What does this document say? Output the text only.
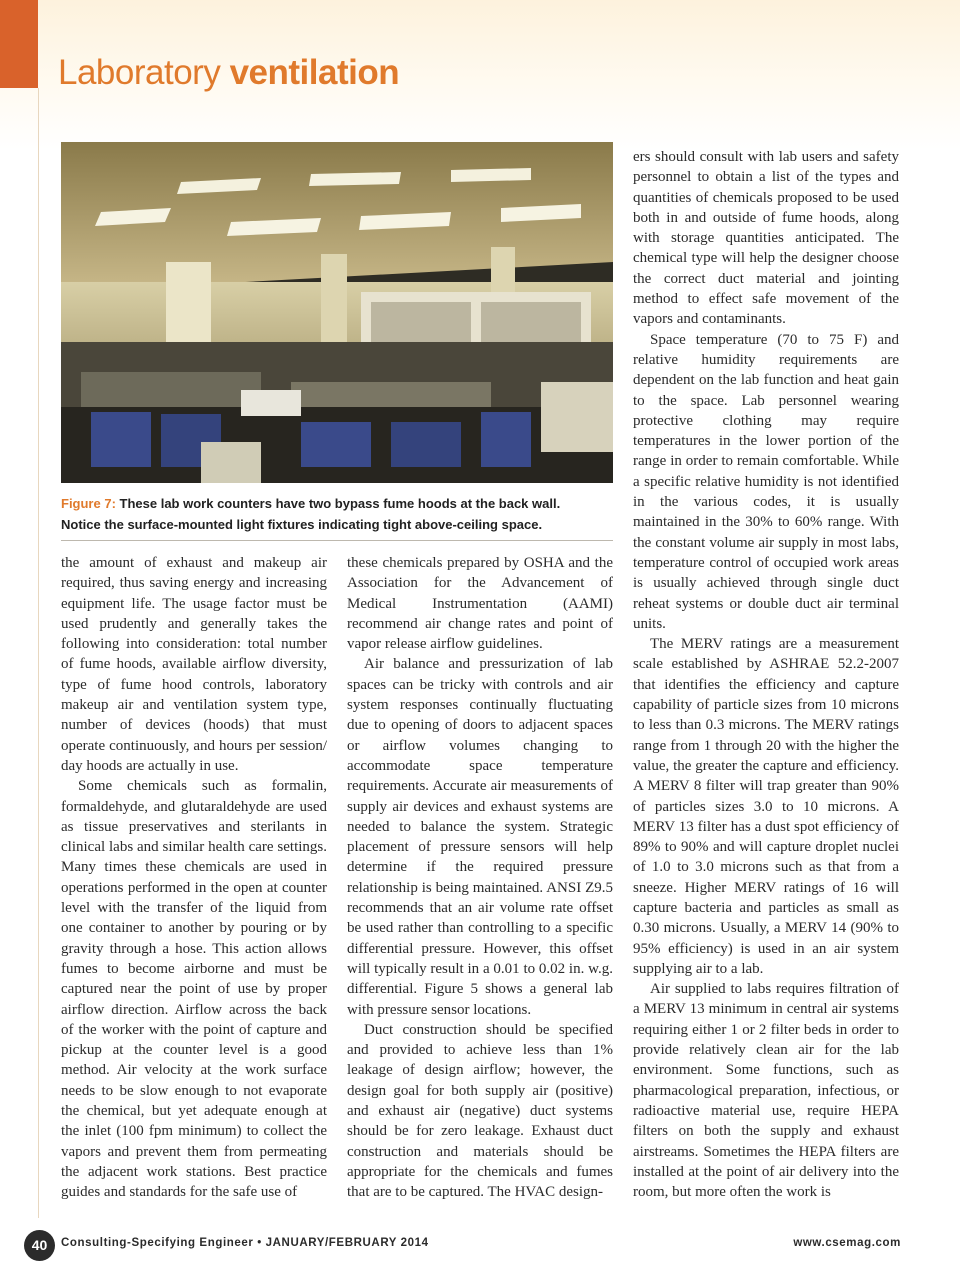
Laboratory ventilation
Figure 7: These lab work counters have two bypass fume hoods at the back wall.
Notice the surface-mounted light fixtures indicating tight above-ceiling space.

the amount of exhaust and makeup air required, thus saving energy and increasing equipment life. The usage factor must be used prudently and generally takes the following into consideration: total number of fume hoods, available airflow diversity, type of fume hood controls, laboratory makeup air and ventilation system type, number of devices (hoods) that must operate continuously, and hours per session/ day hoods are actually in use.

Some chemicals such as formalin, formaldehyde, and glutaraldehyde are used as tissue preservatives and sterilants in clinical labs and similar health care settings. Many times these chemicals are used in operations performed in the open at counter level with the transfer of the liquid from one container to another by pouring or by gravity through a hose. This action allows fumes to become airborne and must be captured near the point of use by proper airflow direction. Airflow across the back of the worker with the point of capture and pickup at the counter level is a good method. Air velocity at the work surface needs to be slow enough to not evaporate the chemical, but yet adequate enough at the inlet (100 fpm minimum) to collect the vapors and prevent them from permeating the adjacent work stations. Best practice guides and standards for the safe use of

these chemicals prepared by OSHA and the Association for the Advancement of Medical Instrumentation (AAMI) recommend air change rates and point of vapor release airflow guidelines.

Air balance and pressurization of lab spaces can be tricky with controls and air system responses continually fluctuating due to opening of doors to adjacent spaces or airflow volumes changing to accommodate space temperature requirements. Accurate air measurements of supply air devices and exhaust systems are needed to balance the system. Strategic placement of pressure sensors will help determine if the required pressure relationship is being maintained. ANSI Z9.5 recommends that an air volume rate offset be used rather than controlling to a specific differential pressure. However, this offset will typically result in a 0.01 to 0.02 in. w.g. differential. Figure 5 shows a general lab with pressure sensor locations.

Duct construction should be specified and provided to achieve less than 1% leakage of design airflow; however, the design goal for both supply air (positive) and exhaust air (negative) duct systems should be for zero leakage. Exhaust duct construction and materials should be appropriate for the chemicals and fumes that are to be captured. The HVAC design-

ers should consult with lab users and safety personnel to obtain a list of the types and quantities of chemicals proposed to be used both in and outside of fume hoods, along with storage quantities anticipated. The chemical type will help the designer choose the correct duct material and jointing method to effect safe movement of the vapors and contaminants.

Space temperature (70 to 75 F) and relative humidity requirements are dependent on the lab function and heat gain to the space. Lab personnel wearing protective clothing may require temperatures in the lower portion of the range in order to remain comfortable. While a specific relative humidity is not identified in the various codes, it is usually maintained in the 30% to 60% range. With the constant volume air supply in most labs, temperature control of occupied work areas is usually achieved through single duct reheat systems or double duct air terminal units.

The MERV ratings are a measurement scale established by ASHRAE 52.2-2007 that identifies the efficiency and capture capability of particle sizes from 10 microns to less than 0.3 microns. The MERV ratings range from 1 through 20 with the higher the value, the greater the capture and efficiency. A MERV 8 filter will trap greater than 90% of particles sizes 3.0 to 10 microns. A MERV 13 filter has a dust spot efficiency of 89% to 90% and will capture droplet nuclei of 1.0 to 3.0 microns such as that from a sneeze. Higher MERV ratings of 16 will capture bacteria and particles as small as 0.30 microns. Usually, a MERV 14 (90% to 95% efficiency) is used in an air system supplying air to a lab.

Air supplied to labs requires filtration of a MERV 13 minimum in central air systems requiring either 1 or 2 filter beds in order to provide relatively clean air for the lab environment. Some functions, such as pharmacological preparation, infectious, or radioactive material use, require HEPA filters on both the supply and exhaust airstreams. Sometimes the HEPA filters are installed at the point of air delivery into the room, but more often the work is

40	Consulting-Specifying Engineer • JANUARY/FEBRUARY 2014	www.csemag.com
